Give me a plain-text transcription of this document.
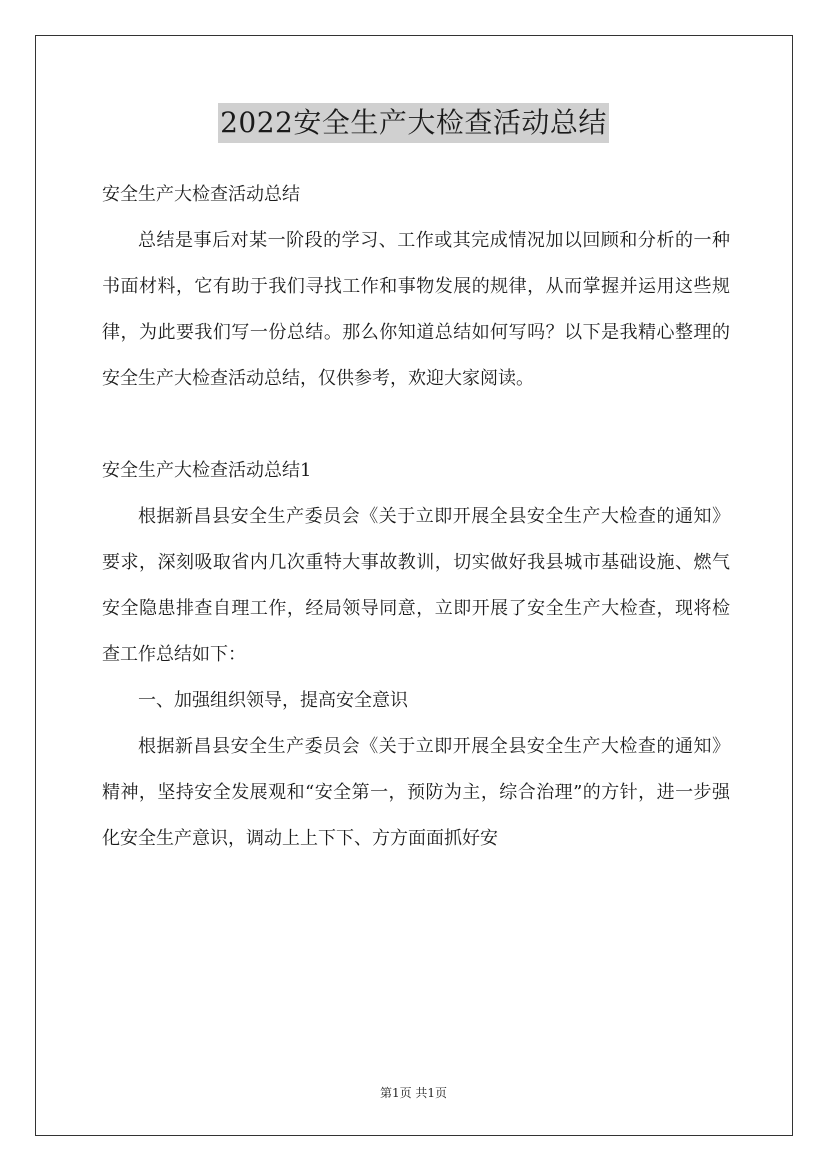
2022安全生产大检查活动总结

安全生产大检查活动总结

总结是事后对某一阶段的学习、工作或其完成情况加以回顾和分析的一种书面材料，它有助于我们寻找工作和事物发展的规律，从而掌握并运用这些规律，为此要我们写一份总结。那么你知道总结如何写吗？以下是我精心整理的安全生产大检查活动总结，仅供参考，欢迎大家阅读。

安全生产大检查活动总结1

根据新昌县安全生产委员会《关于立即开展全县安全生产大检查的通知》要求，深刻吸取省内几次重特大事故教训，切实做好我县城市基础设施、燃气安全隐患排查自理工作，经局领导同意，立即开展了安全生产大检查，现将检查工作总结如下：

一、加强组织领导，提高安全意识

根据新昌县安全生产委员会《关于立即开展全县安全生产大检查的通知》精神，坚持安全发展观和“安全第一，预防为主，综合治理”的方针，进一步强化安全生产意识，调动上上下下、方方面面抓好安

第1页 共1页
